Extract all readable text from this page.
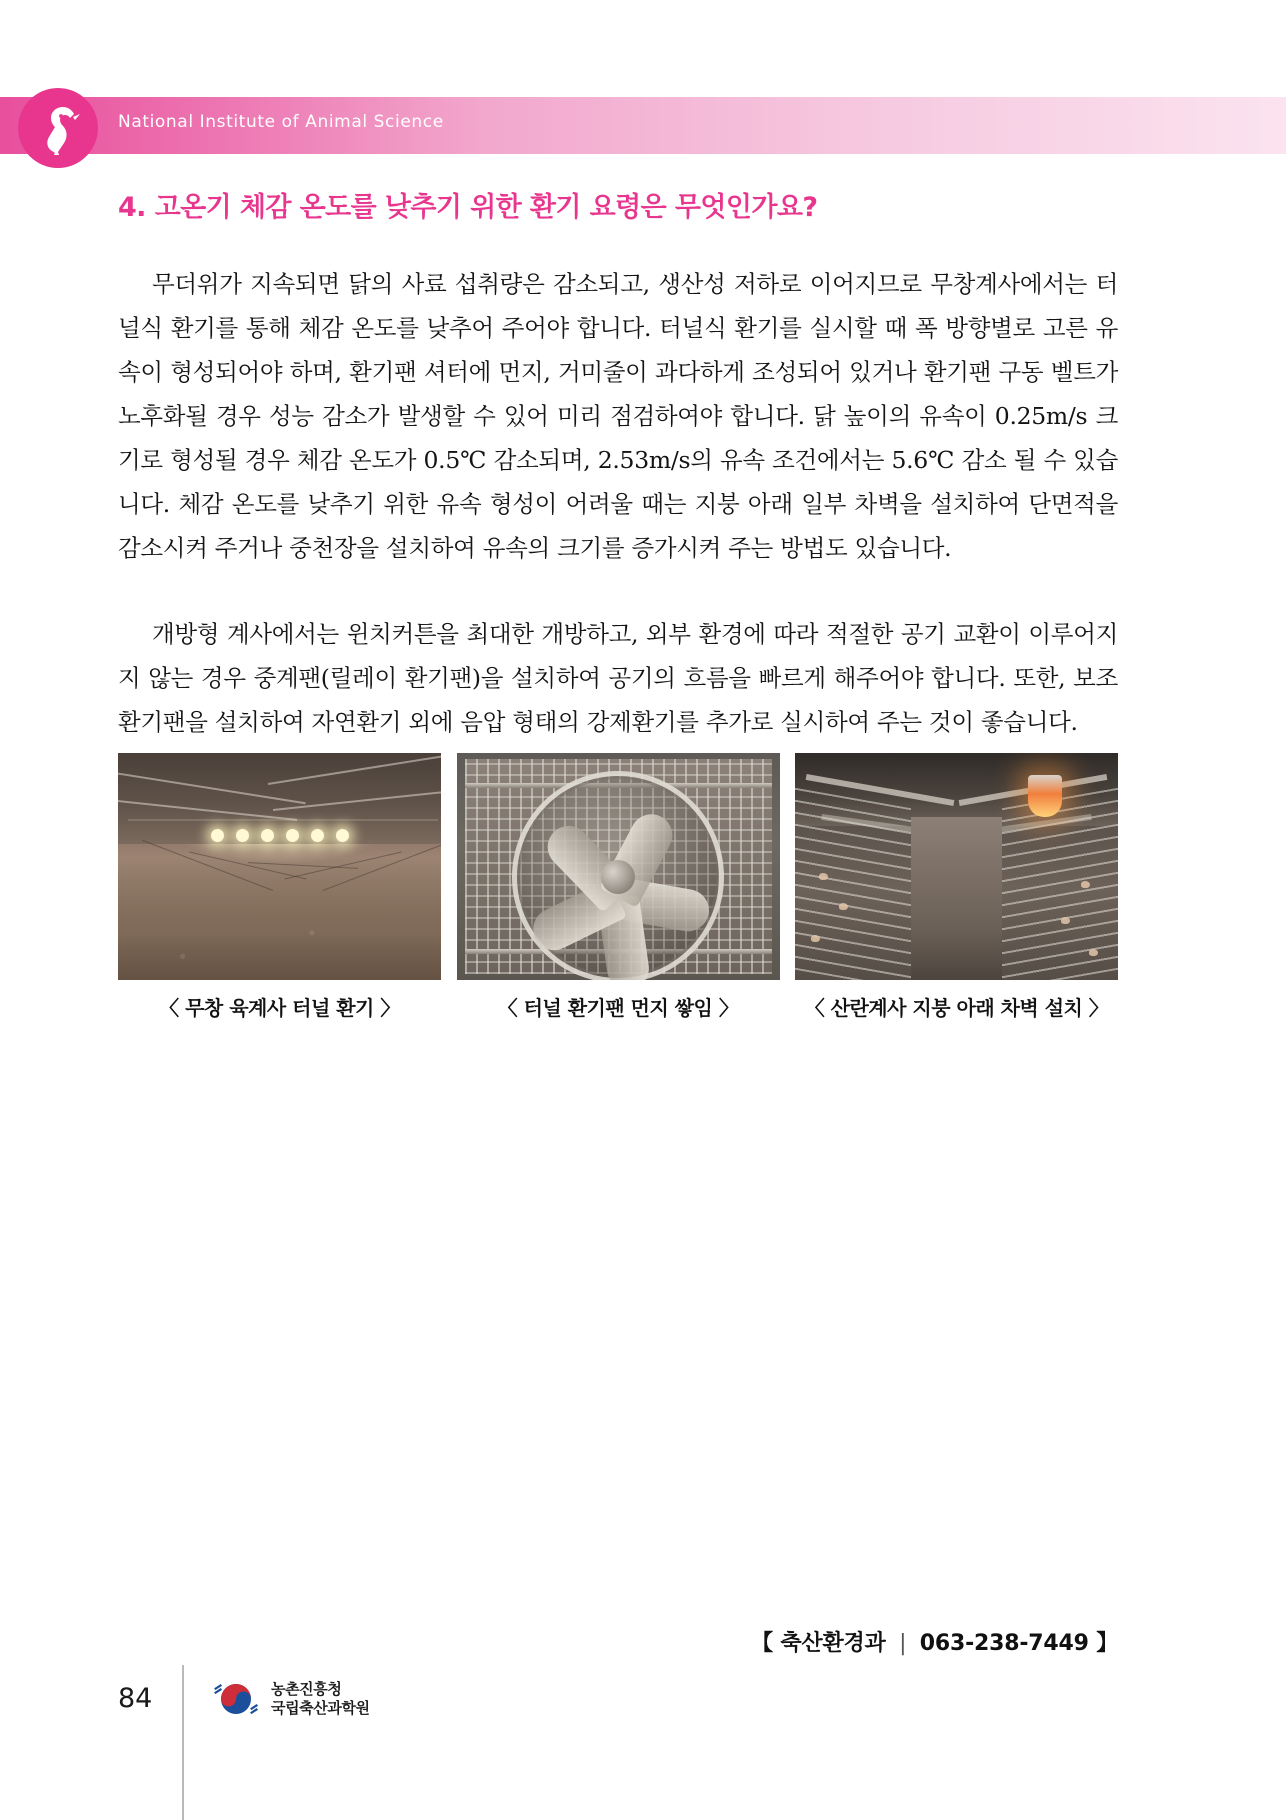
National Institute of Animal Science
4. 고온기 체감 온도를 낮추기 위한 환기 요령은 무엇인가요?

무더위가 지속되면 닭의 사료 섭취량은 감소되고, 생산성 저하로 이어지므로 무창계사에서는 터널식 환기를 통해 체감 온도를 낮추어 주어야 합니다. 터널식 환기를 실시할 때 폭 방향별로 고른 유속이 형성되어야 하며, 환기팬 셔터에 먼지, 거미줄이 과다하게 조성되어 있거나 환기팬 구동 벨트가 노후화될 경우 성능 감소가 발생할 수 있어 미리 점검하여야 합니다. 닭 높이의 유속이 0.25m/s 크기로 형성될 경우 체감 온도가 0.5℃ 감소되며, 2.53m/s의 유속 조건에서는 5.6℃ 감소 될 수 있습니다. 체감 온도를 낮추기 위한 유속 형성이 어려울 때는 지붕 아래 일부 차벽을 설치하여 단면적을 감소시켜 주거나 중천장을 설치하여 유속의 크기를 증가시켜 주는 방법도 있습니다.

개방형 계사에서는 윈치커튼을 최대한 개방하고, 외부 환경에 따라 적절한 공기 교환이 이루어지지 않는 경우 중계팬(릴레이 환기팬)을 설치하여 공기의 흐름을 빠르게 해주어야 합니다. 또한, 보조 환기팬을 설치하여 자연환기 외에 음압 형태의 강제환기를 추가로 실시하여 주는 것이 좋습니다.

〈 무창 육계사 터널 환기 〉	〈 터널 환기팬 먼지 쌓임 〉	〈 산란계사 지붕 아래 차벽 설치 〉
【 축산환경과 | 063-238-7449 】
84	농촌진흥청
국립축산과학원
